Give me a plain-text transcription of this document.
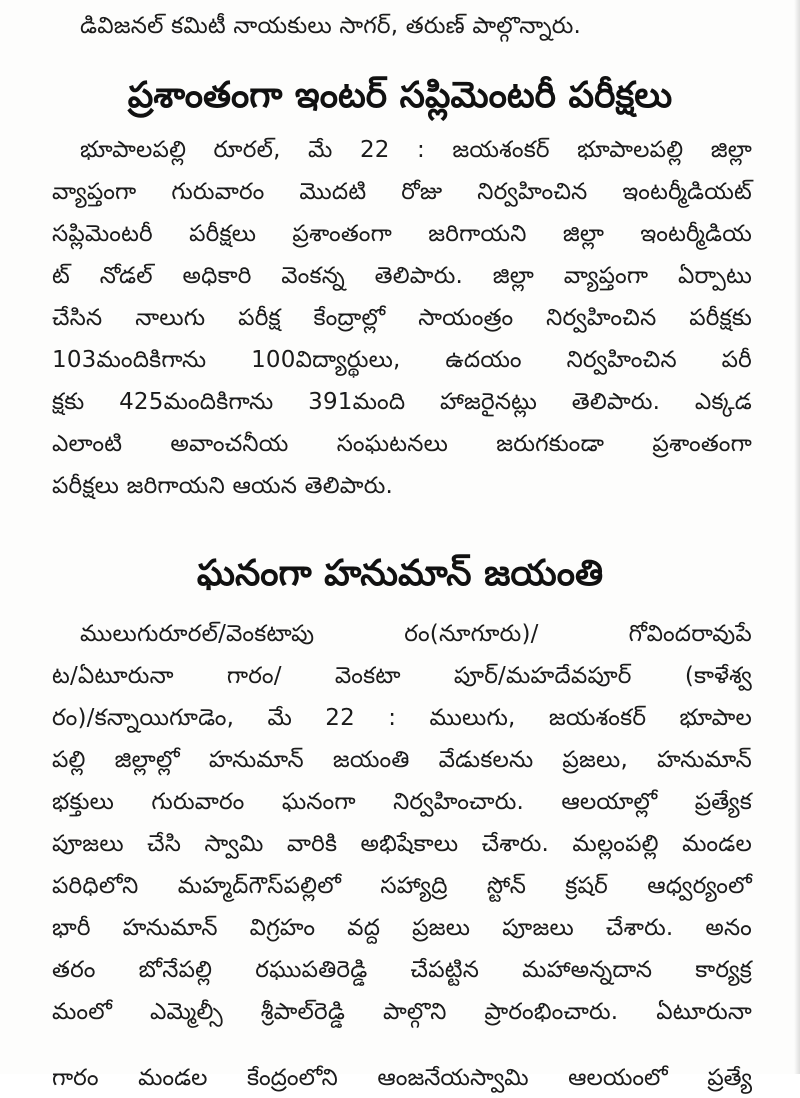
డివిజనల్ కమిటీ నాయకులు సాగర్, తరుణ్ పాల్గొన్నారు.
ప్రశాంతంగా ఇంటర్ సప్లిమెంటరీ పరీక్షలు
భూపాలపల్లి రూరల్, మే 22 : జయశంకర్ భూపాలపల్లి జిల్లా
వ్యాప్తంగా గురువారం మొదటి రోజు నిర్వహించిన ఇంటర్మీడియట్
సప్లిమెంటరీ పరీక్షలు ప్రశాంతంగా జరిగాయని జిల్లా ఇంటర్మీడియ
ట్ నోడల్ అధికారి వెంకన్న తెలిపారు. జిల్లా వ్యాప్తంగా ఏర్పాటు
చేసిన నాలుగు పరీక్ష కేంద్రాల్లో సాయంత్రం నిర్వహించిన పరీక్షకు
103మందికిగాను 100విద్యార్థులు, ఉదయం నిర్వహించిన పరీ
క్షకు 425మందికిగాను 391మంది హాజరైనట్లు తెలిపారు. ఎక్కడ
ఎలాంటి అవాంచనీయ సంఘటనలు జరుగకుండా ప్రశాంతంగా
పరీక్షలు జరిగాయని ఆయన తెలిపారు.
ఘనంగా హనుమాన్ జయంతి
ములుగురూరల్/వెంకటాపు రం(నూగూరు)/ గోవిందరావుపే
ట/ఏటూరునా గారం/ వెంకటా పూర్/మహదేవపూర్ (కాళేశ్వ
రం)/కన్నాయిగూడెం, మే 22 : ములుగు, జయశంకర్ భూపాల
పల్లి జిల్లాల్లో హనుమాన్ జయంతి వేడుకలను ప్రజలు, హనుమాన్
భక్తులు గురువారం ఘనంగా నిర్వహించారు. ఆలయాల్లో ప్రత్యేక
పూజలు చేసి స్వామి వారికి అభిషేకాలు చేశారు. మల్లంపల్లి మండల
పరిధిలోని మహ్మద్‌గౌస్‌పల్లిలో సహ్యాద్రి స్టోన్ క్రషర్ ఆధ్వర్యంలో
భారీ హనుమాన్ విగ్రహం వద్ద ప్రజలు పూజలు చేశారు. అనం
తరం బోనేపల్లి రఘుపతిరెడ్డి చేపట్టిన మహాఅన్నదాన కార్యక్ర
మంలో ఎమ్మెల్సీ శ్రీపాల్‌రెడ్డి పాల్గొని ప్రారంభించారు. ఏటూరునా
గారం మండల కేంద్రంలోని ఆంజనేయస్వామి ఆలయంలో ప్రత్యే
